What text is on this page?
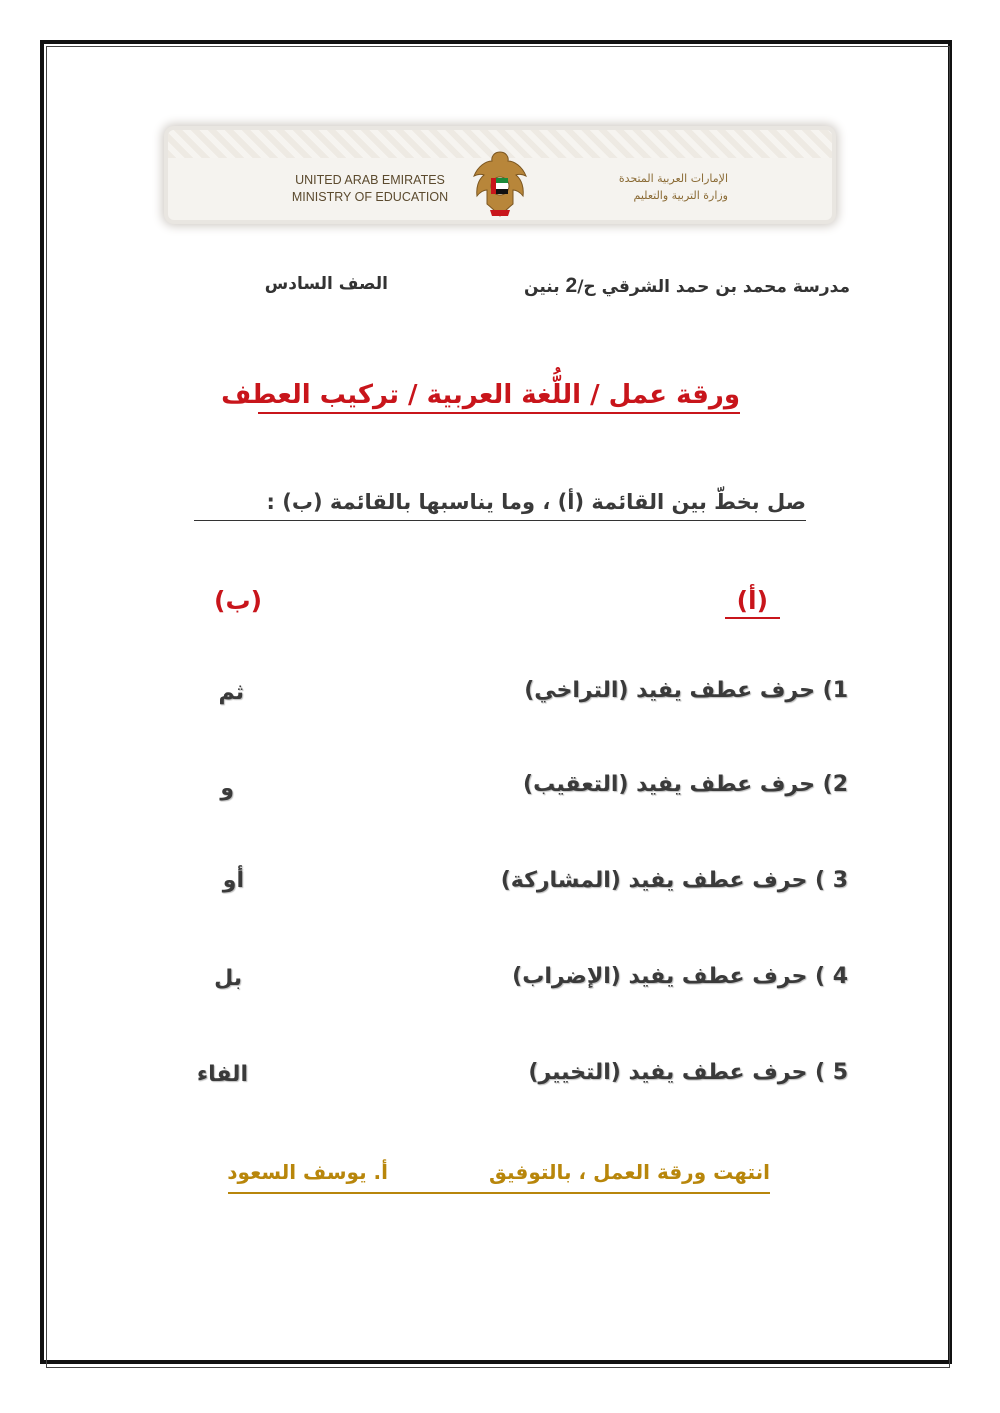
UNITED ARAB EMIRATES
MINISTRY OF EDUCATION
الإمارات العربية المتحدة
وزارة التربية والتعليم
مدرسة محمد بن حمد الشرقي ح/2 بنين
الصف السادس
ورقة عمل / اللُّغة العربية / تركيب العطف
صل بخطّ بين القائمة (أ) ، وما يناسبها بالقائمة (ب) :
(أ)
(ب)
1) حرف عطف يفيد (التراخي)
ثم
2) حرف عطف يفيد (التعقيب)
و
3 ) حرف عطف يفيد (المشاركة)
أو
4 ) حرف عطف يفيد (الإضراب)
بل
5 ) حرف عطف يفيد (التخيير)
الفاء
انتهت ورقة العمل ، بالتوفيق
أ. يوسف السعود
